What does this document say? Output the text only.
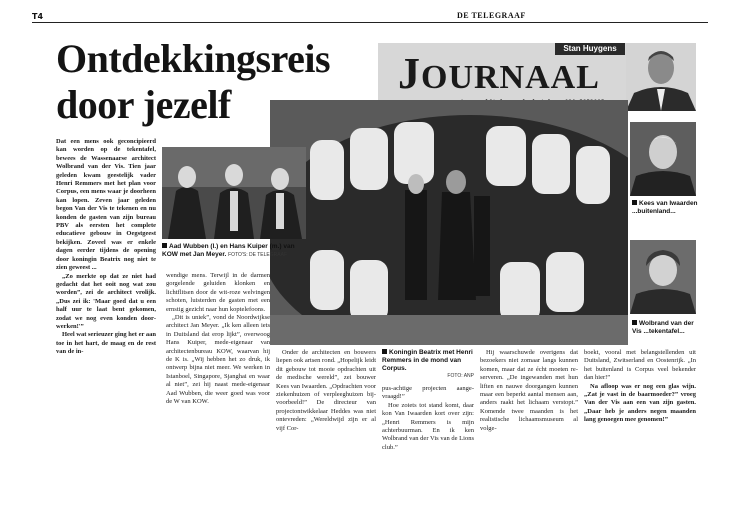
T4	DE TELEGRAAF
Ontdekkingsreis
door jezelf
Stan Huygens
JOURNAAL
Aad Wubben (l.) en Hans Kuiper (m.) van KOW met Jan Meyer. FOTO'S: DE TELEGRAAF
Koningin Beatrix met Henri Remmers in de mond van Corpus.
FOTO: ANP
Kees van Iwaarden ...buitenland...
Wolbrand van der Vis ...tekentafel...

Dat een mens ook geconcipieerd kan worden op de tekentafel, bewees de Wassenaarse architect Wolbrand van der Vis. Tien jaar geleden kwam geestelijk vader Henri Remmers met het plan voor Corpus, een mens waar je doorheen kan lopen. Zeven jaar geleden begon Van der Vis te tekenen en nu konden de gasten van zijn bureau PBV als eersten het complete educatieve gebouw in Oegstgeest bekijken. Zoveel was er enkele dagen eerder tijdens de opening door koningin Beatrix nog niet te zien geweest ...

„Zo merkte op dat ze niet had gedacht dat het ooit nog wat zou worden”, zei de architect vrolijk. „Dus zei ik: 'Maar goed dat u een half uur te laat bent gekomen, zodat we nog even konden doorwerken!'”

Heel wat serieuzer ging het er aan toe in het hart, de maag en de rest van de in-

wendige mens. Terwijl in de darmen gorgelende geluiden klonken en lichtflitsen door de wit-roze welvingen schoten, luisterden de gasten met een ernstig gezicht naar hun koptelefoons.

„Dit is uniek”, vond de Noordwijkse architect Jan Meyer. „Ik ken alleen iets in Duitsland dat erop lijkt”, overwoog Hans Kuiper, mede-eigenaar van architectenbureau KOW, waarvan hij de K is. „Wij hebben het zo druk, ik ontwerp bijna niet meer. We werken in Istanboel, Singapore, Sjanghai en waar al niet”, zei hij naast mede-eigenaar Aad Wubben, die weer goed was voor de W van KOW.

Onder de architecten en bouwers liepen ook artsen rond. „Hopelijk leidt dit gebouw tot mooie opdrachten uit de medische wereld”, zei bouwer Kees van Iwaarden. „Opdrachten voor ziekenhuizen of verpleeghuizen bijvoorbeeld!” De directeur van projectontwikkelaar Heddes was niet ontevreden: „Wereldwijd zijn er al vijf Cor-

pus-achtige projecten aangevraagd!”

Hoe zoiets tot stand komt, daar kon Van Iwaarden kort over zijn: „Henri Remmers is mijn achterbuurman. En ik ken Wolbrand van der Vis van de Lions club.”

Hij waarschuwde overigens dat bezoekers niet zomaar langs kunnen komen, maar dat ze écht moeten reserveren. „De ingewanden met hun liften en nauwe doorgangen kunnen maar een beperkt aantal mensen aan, anders raakt het lichaam verstopt.” Komende twee maanden is het realistische lichaamsmuseum al volge-

boekt, vooral met belangstellenden uit Duitsland, Zwitserland en Oostenrijk. „In het buitenland is Corpus veel bekender dan hier!”

Na afloop was er nog een glas wijn. „Zat je vast in de baarmoeder?” vroeg Van der Vis aan een van zijn gasten. „Daar heb je anders negen maanden lang genoegen mee genomen!”
